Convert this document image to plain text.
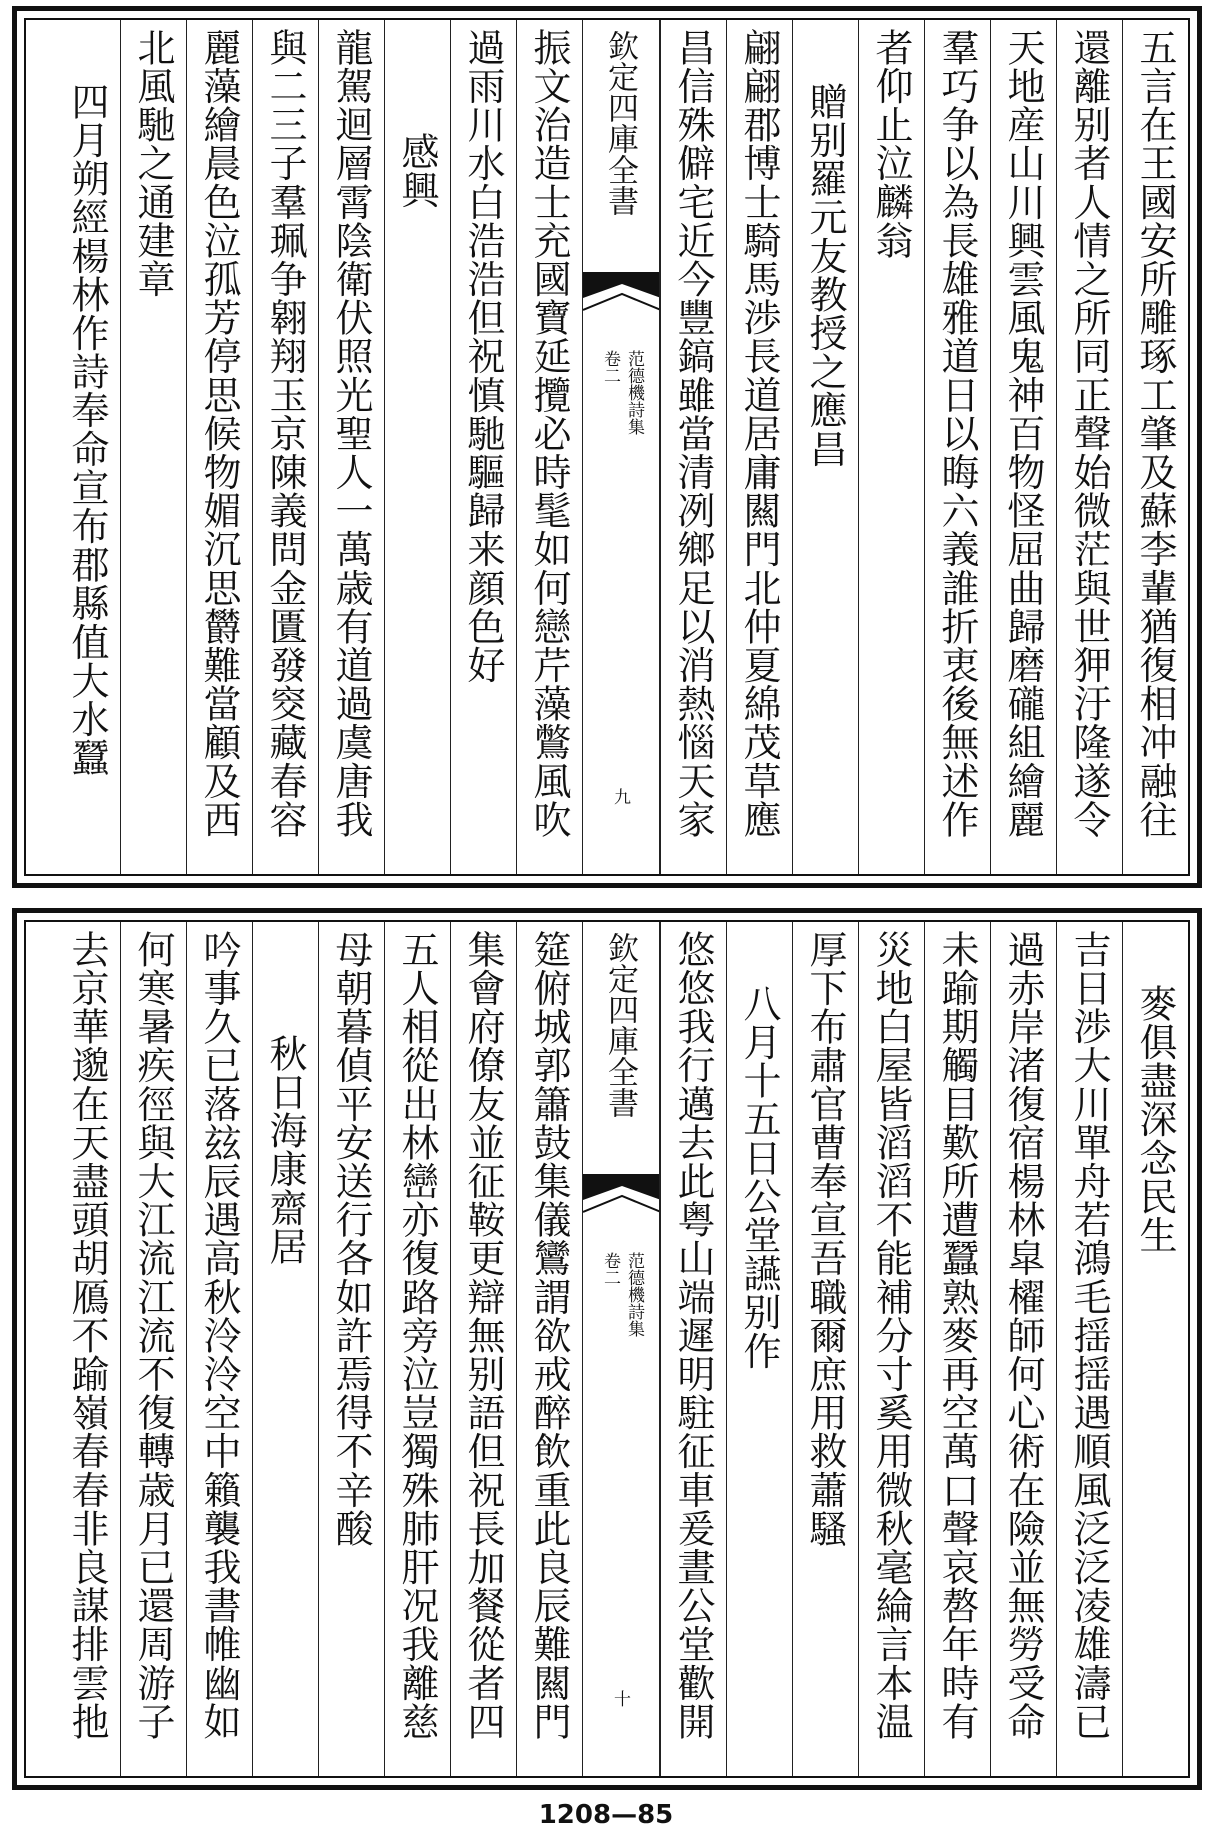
五言在王國安所雕琢工肇及蘇李輩猶復相冲融往
還離别者人情之所同正聲始微茫與世狎汙隆遂令
天地産山川興雲風鬼神百物怪屈曲歸磨礲組繪麗
羣巧争以為長雄雅道日以晦六義誰折衷後無述作
者仰止泣麟翁
贈别羅元友教授之應昌
翩翩郡博士騎馬渉長道居庸闗門北仲夏綿茂草應
昌信殊僻宅近今豐鎬雖當清冽鄉足以消熱惱天家
欽定四庫全書
范德機詩集
卷二
九
振文治造士充國寶延攬必時髦如何戀芹藻鷩風吹
過雨川水白浩浩但祝慎馳驅歸来顔色好
感興
龍駕迴層霄陰衛伏照光聖人一萬歳有道過虞唐我
與二三子羣珮争翱翔玉京陳義問金匱發窔藏春容
麗藻繪晨色泣孤芳停思候物媚沉思欝難當顧及西
北風馳之通建章
四月朔經楊林作詩奉命宣布郡縣值大水蠶
麥俱盡深念民生
吉日渉大川單舟若鴻毛揺揺遇順風泛泛凌雄濤已
過赤岸渚復宿楊林皐櫂師何心術在險並無勞受命
未踰期觸目歎所遭蠶熟麥再空萬口聲哀嗸年時有
災地白屋皆滔滔不能補分寸奚用微秋毫綸言本温
厚下布肅官曹奉宣吾職爾庶用救蕭騷
八月十五日公堂讌别作
悠悠我行邁去此粤山端遲明駐征車爰晝公堂歡開
欽定四庫全書
范德機詩集
卷二
十
筵俯城郭簫鼓集儀鸞謂欲戒醉飲重此良辰難闗門
集會府僚友並征鞍更辯無别語但祝長加餐從者四
五人相從出林巒亦復路旁泣豈獨殊肺肝况我離慈
母朝暮偵平安送行各如許焉得不辛酸
秋日海康齋居
吟事久已落玆辰遇高秋泠泠空中籟襲我書帷幽如
何寒暑疾徑與大江流江流不復轉歳月已還周游子
去京華邈在天盡頭胡鴈不踰嶺春春非良謀排雲扡
1208—85
